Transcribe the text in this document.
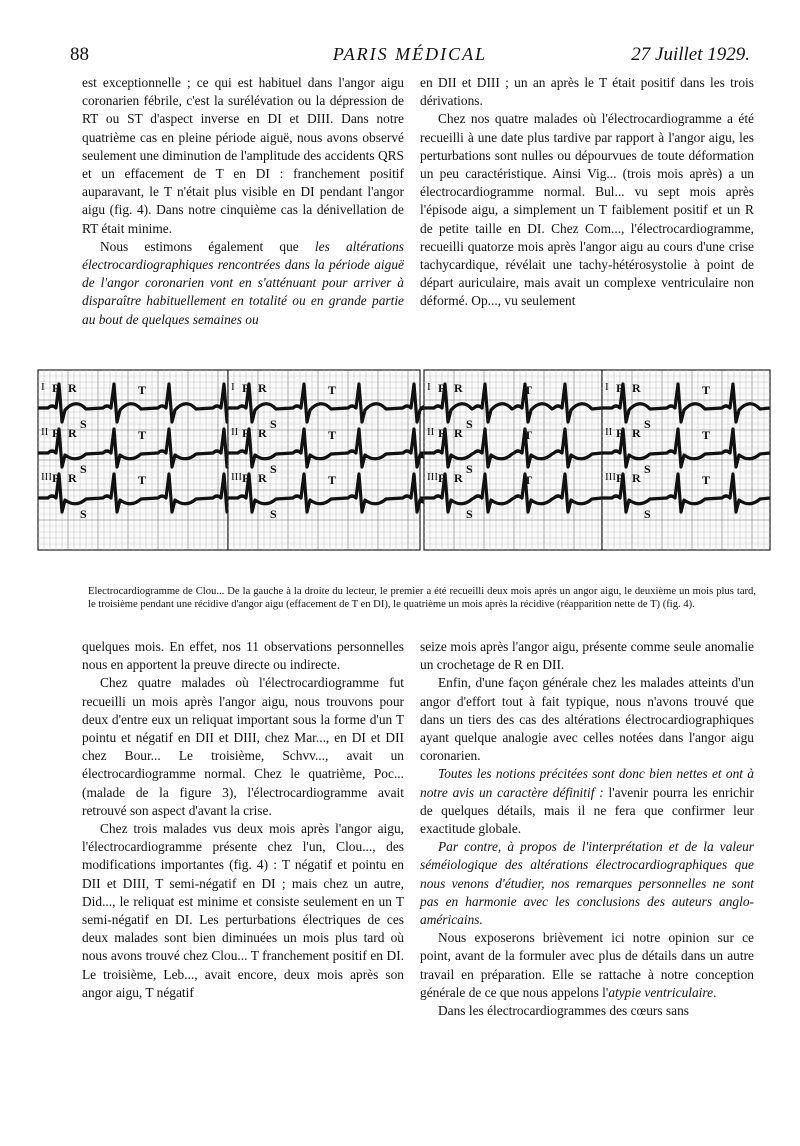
88	PARIS MÉDICAL	27 Juillet 1929.

est exceptionnelle ; ce qui est habituel dans l'angor aigu coronarien fébrile, c'est la surélévation ou la dépression de RT ou ST d'aspect inverse en DI et DIII. Dans notre quatrième cas en pleine période aiguë, nous avons observé seulement une diminution de l'amplitude des accidents QRS et un effacement de T en DI : franchement positif auparavant, le T n'était plus visible en DI pendant l'angor aigu (fig. 4). Dans notre cinquième cas la dénivellation de RT était minime.

Nous estimons également que les altérations électrocardiographiques rencontrées dans la période aiguë de l'angor coronarien vont en s'atténuant pour arriver à disparaître habituellement en totalité ou en grande partie au bout de quelques semaines ou

en DII et DIII ; un an après le T était positif dans les trois dérivations.

Chez nos quatre malades où l'électrocardiogramme a été recueilli à une date plus tardive par rapport à l'angor aigu, les perturbations sont nulles ou dépourvues de toute déformation un peu caractéristique. Ainsi Vig... (trois mois après) a un électrocardiogramme normal. Bul... vu sept mois après l'épisode aigu, a simplement un T faiblement positif et un R de petite taille en DI. Chez Com..., l'électrocardiogramme, recueilli quatorze mois après l'angor aigu au cours d'une crise tachycardique, révélait une tachy-hétérosystolie à point de départ auriculaire, mais avait un complexe ventriculaire non déformé. Op..., vu seulement

I P R
S
T
II P R
S
T
III P R
S
T
I P R
S
T
II P R
S
T
III P R
S
T
I P R
S
T
II P R
S
T
III P R
S
T
I P R
S
T
II P R
S
T
III P R
S
T

Electrocardiogramme de Clou... De la gauche à la droite du lecteur, le premier a été recueilli deux mois après un angor aigu, le deuxième un mois plus tard, le troisième pendant une récidive d'angor aigu (effacement de T en DI), le quatrième un mois après la récidive (réapparition nette de T) (fig. 4).

quelques mois. En effet, nos 11 observations personnelles nous en apportent la preuve directe ou indirecte.

Chez quatre malades où l'électrocardiogramme fut recueilli un mois après l'angor aigu, nous trouvons pour deux d'entre eux un reliquat important sous la forme d'un T pointu et négatif en DII et DIII, chez Mar..., en DI et DII chez Bour... Le troisième, Schvv..., avait un électrocardiogramme normal. Chez le quatrième, Poc... (malade de la figure 3), l'électrocardiogramme avait retrouvé son aspect d'avant la crise.

Chez trois malades vus deux mois après l'angor aigu, l'électrocardiogramme présente chez l'un, Clou..., des modifications importantes (fig. 4) : T négatif et pointu en DII et DIII, T semi-négatif en DI ; mais chez un autre, Did..., le reliquat est minime et consiste seulement en un T semi-négatif en DI. Les perturbations électriques de ces deux malades sont bien diminuées un mois plus tard où nous avons trouvé chez Clou... T franchement positif en DI. Le troisième, Leb..., avait encore, deux mois après son angor aigu, T négatif

seize mois après l'angor aigu, présente comme seule anomalie un crochetage de R en DII.

Enfin, d'une façon générale chez les malades atteints d'un angor d'effort tout à fait typique, nous n'avons trouvé que dans un tiers des cas des altérations électrocardiographiques ayant quelque analogie avec celles notées dans l'angor aigu coronarien.

Toutes les notions précitées sont donc bien nettes et ont à notre avis un caractère définitif : l'avenir pourra les enrichir de quelques détails, mais il ne fera que confirmer leur exactitude globale.

Par contre, à propos de l'interprétation et de la valeur séméiologique des altérations électrocardiographiques que nous venons d'étudier, nos remarques personnelles ne sont pas en harmonie avec les conclusions des auteurs anglo-américains.

Nous exposerons brièvement ici notre opinion sur ce point, avant de la formuler avec plus de détails dans un autre travail en préparation. Elle se rattache à notre conception générale de ce que nous appelons l'atypie ventriculaire.

Dans les électrocardiogrammes des cœurs sans
